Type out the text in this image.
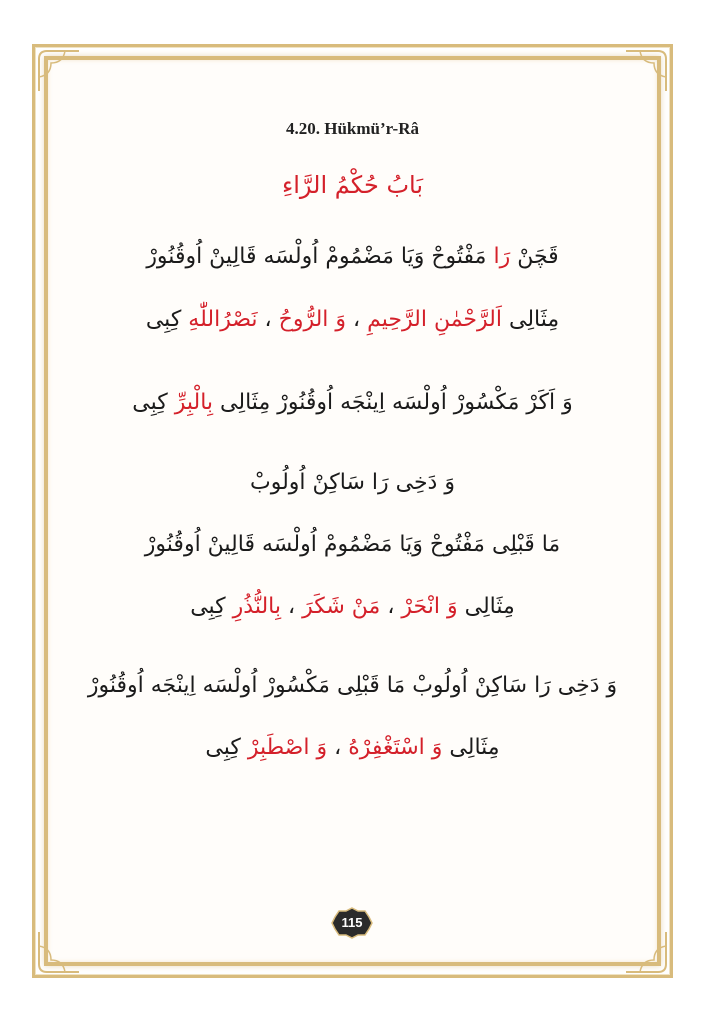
4.20. Hükmü’r-Râ
بَابُ حُكْمُ الرَّاءِ
قَچَنْ رَا مَفْتُوحْ وَيَا مَضْمُومْ اُولْسَه قَالِينْ اُوقُنُورْ
مِثَالِى اَلرَّحْمٰنِ الرَّحِيمِ ، وَ الرُّوحُ ، نَصْرُاللّٰهِ كِبِى
وَ اَكَرْ مَكْسُورْ اُولْسَه اِينْجَه اُوقُنُورْ مِثَالِى بِالْبِرِّ كِبِى
وَ دَخِى رَا سَاكِنْ اُولُوبْ
مَا قَبْلِى مَفْتُوحْ وَيَا مَضْمُومْ اُولْسَه قَالِينْ اُوقُنُورْ
مِثَالِى وَ انْحَرْ ، مَنْ شَكَرَ ، بِالنُّذُرِ كِبِى
وَ دَخِى رَا سَاكِنْ اُولُوبْ مَا قَبْلِى مَكْسُورْ اُولْسَه اِينْجَه اُوقُنُورْ
مِثَالِى وَ اسْتَغْفِرْهُ ، وَ اصْطَبِرْ كِبِى
115
